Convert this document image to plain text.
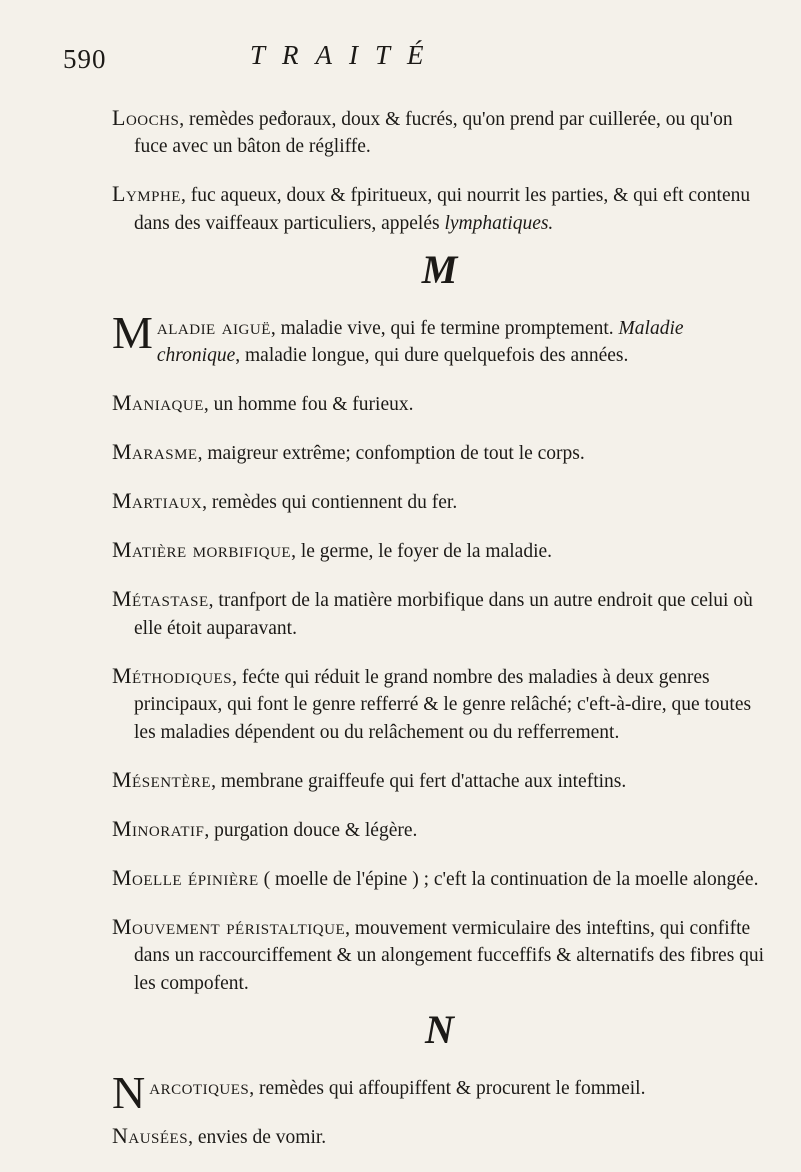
590	TRAITÉ

Loochs, remèdes peđoraux, doux & fucrés, qu'on prend par cuillerée, ou qu'on fuce avec un bâton de régliffe.

Lymphe, fuc aqueux, doux & fpiritueux, qui nourrit les parties, & qui eft contenu dans des vaiffeaux particuliers, appelés lymphatiques.

M

Maladie aiguë, maladie vive, qui fe termine promptement. Maladie chronique, maladie longue, qui dure quelquefois des années.

Maniaque, un homme fou & furieux.

Marasme, maigreur extrême; confomption de tout le corps.

Martiaux, remèdes qui contiennent du fer.

Matière morbifique, le germe, le foyer de la maladie.

Métastase, tranfport de la matière morbifique dans un autre endroit que celui où elle étoit auparavant.

Méthodiques, fećte qui réduit le grand nombre des maladies à deux genres principaux, qui font le genre refferré & le genre relâché; c'eft-à-dire, que toutes les maladies dépendent ou du relâchement ou du refferrement.

Mésentère, membrane graiffeufe qui fert d'attache aux inteftins.

Minoratif, purgation douce & légère.

Moelle épinière ( moelle de l'épine ) ; c'eft la continuation de la moelle alongée.

Mouvement péristaltique, mouvement vermiculaire des inteftins, qui confifte dans un raccourciffement & un alongement fucceffifs & alternatifs des fibres qui les compofent.

N

Narcotiques, remèdes qui affoupiffent & procurent le fommeil.

Nausées, envies de vomir.
